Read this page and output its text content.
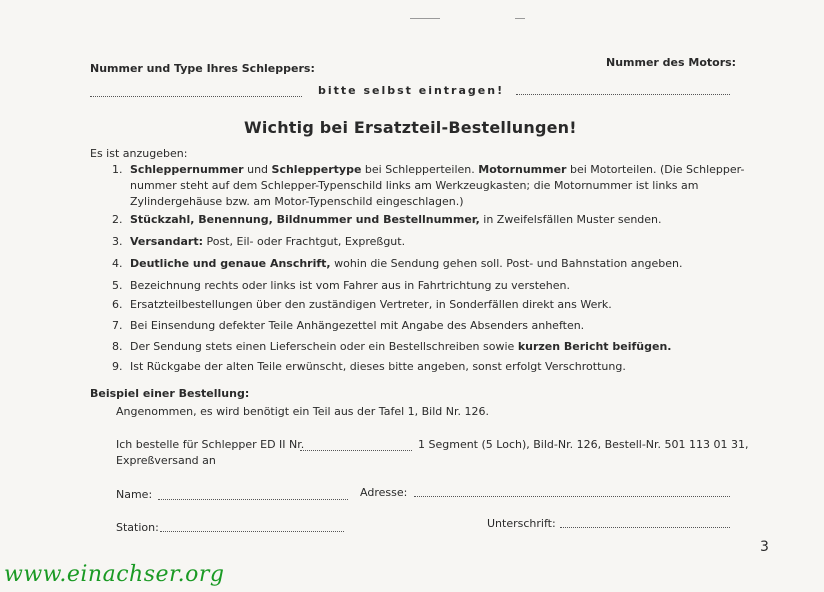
Nummer und Type Ihres Schleppers:	Nummer des Motors:
bitte selbst eintragen!
Wichtig bei Ersatzteil-Bestellungen!
Es ist anzugeben:
1. Schleppernummer und Schleppertype bei Schlepperteilen. Motornummer bei Motorteilen. (Die Schlepper-
nummer steht auf dem Schlepper-Typenschild links am Werkzeugkasten; die Motornummer ist links am
Zylindergehäuse bzw. am Motor-Typenschild eingeschlagen.)
2. Stückzahl, Benennung, Bildnummer und Bestellnummer, in Zweifelsfällen Muster senden.
3. Versandart: Post, Eil- oder Frachtgut, Expreßgut.
4. Deutliche und genaue Anschrift, wohin die Sendung gehen soll. Post- und Bahnstation angeben.
5. Bezeichnung rechts oder links ist vom Fahrer aus in Fahrtrichtung zu verstehen.
6. Ersatzteilbestellungen über den zuständigen Vertreter, in Sonderfällen direkt ans Werk.
7. Bei Einsendung defekter Teile Anhängezettel mit Angabe des Absenders anheften.
8. Der Sendung stets einen Lieferschein oder ein Bestellschreiben sowie kurzen Bericht beifügen.
9. Ist Rückgabe der alten Teile erwünscht, dieses bitte angeben, sonst erfolgt Verschrottung.
Beispiel einer Bestellung:
Angenommen, es wird benötigt ein Teil aus der Tafel 1, Bild Nr. 126.
Ich bestelle für Schlepper ED II Nr.	1 Segment (5 Loch), Bild-Nr. 126, Bestell-Nr. 501 113 01 31,
Expreßversand an
Name:	Adresse:
Station:	Unterschrift:
3
www.einachser.org
